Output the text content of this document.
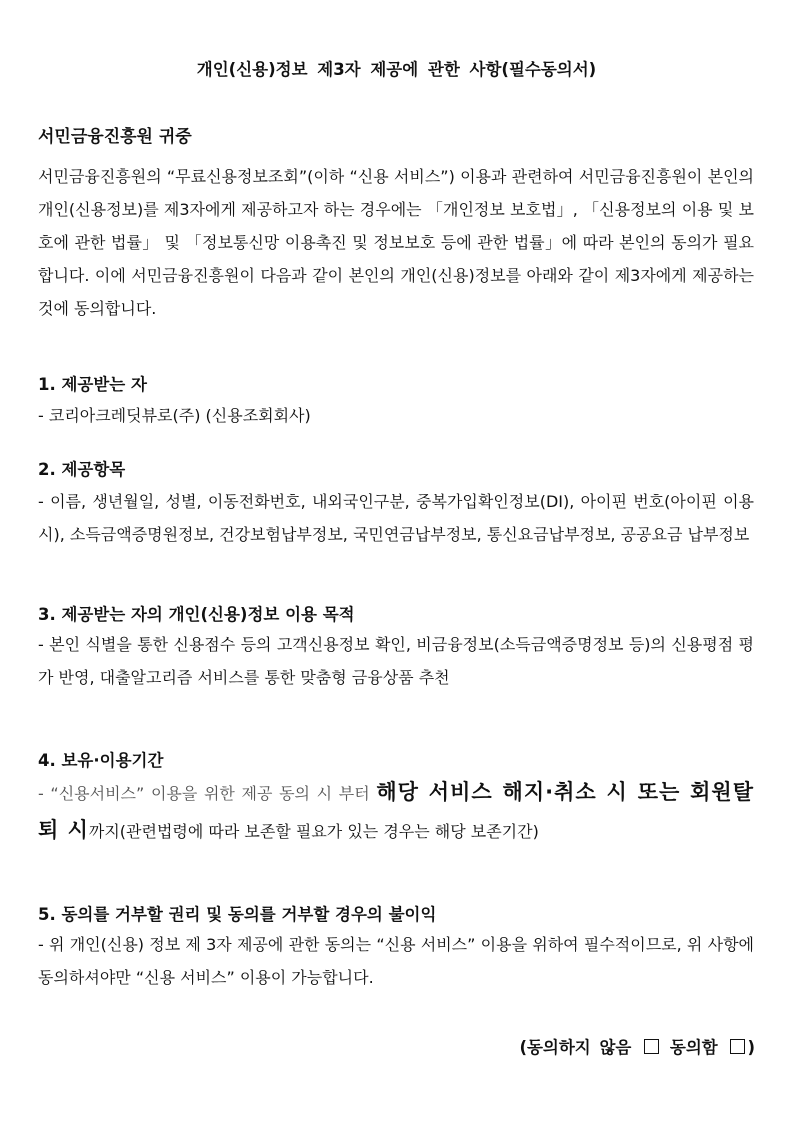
개인(신용)정보 제3자 제공에 관한 사항(필수동의서)
서민금융진흥원 귀중

서민금융진흥원의 “무료신용정보조회”(이하 “신용 서비스”) 이용과 관련하여 서민금융진흥원이 본인의 개인(신용정보)를 제3자에게 제공하고자 하는 경우에는 「개인정보 보호법」, 「신용정보의 이용 및 보호에 관한 법률」 및 「정보통신망 이용촉진 및 정보보호 등에 관한 법률」에 따라 본인의 동의가 필요합니다. 이에 서민금융진흥원이 다음과 같이 본인의 개인(신용)정보를 아래와 같이 제3자에게 제공하는 것에 동의합니다.

1. 제공받는 자

- 코리아크레딧뷰로(주) (신용조회회사)

2. 제공항목

- 이름, 생년월일, 성별, 이동전화번호, 내외국인구분, 중복가입확인정보(DI), 아이핀 번호(아이핀 이용 시), 소득금액증명원정보, 건강보험납부정보, 국민연금납부정보, 통신요금납부정보, 공공요금 납부정보

3. 제공받는 자의 개인(신용)정보 이용 목적

- 본인 식별을 통한 신용점수 등의 고객신용정보 확인, 비금융정보(소득금액증명정보 등)의 신용평점 평가 반영, 대출알고리즘 서비스를 통한 맞춤형 금융상품 추천

4. 보유·이용기간

- “신용서비스” 이용을 위한 제공 동의 시 부터 해당 서비스 해지·취소 시 또는 회원탈퇴 시까지(관련법령에 따라 보존할 필요가 있는 경우는 해당 보존기간)

5. 동의를 거부할 권리 및 동의를 거부할 경우의 불이익

- 위 개인(신용) 정보 제 3자 제공에 관한 동의는 “신용 서비스” 이용을 위하여 필수적이므로, 위 사항에 동의하셔야만 “신용 서비스” 이용이 가능합니다.

(동의하지 않음 동의함 )
